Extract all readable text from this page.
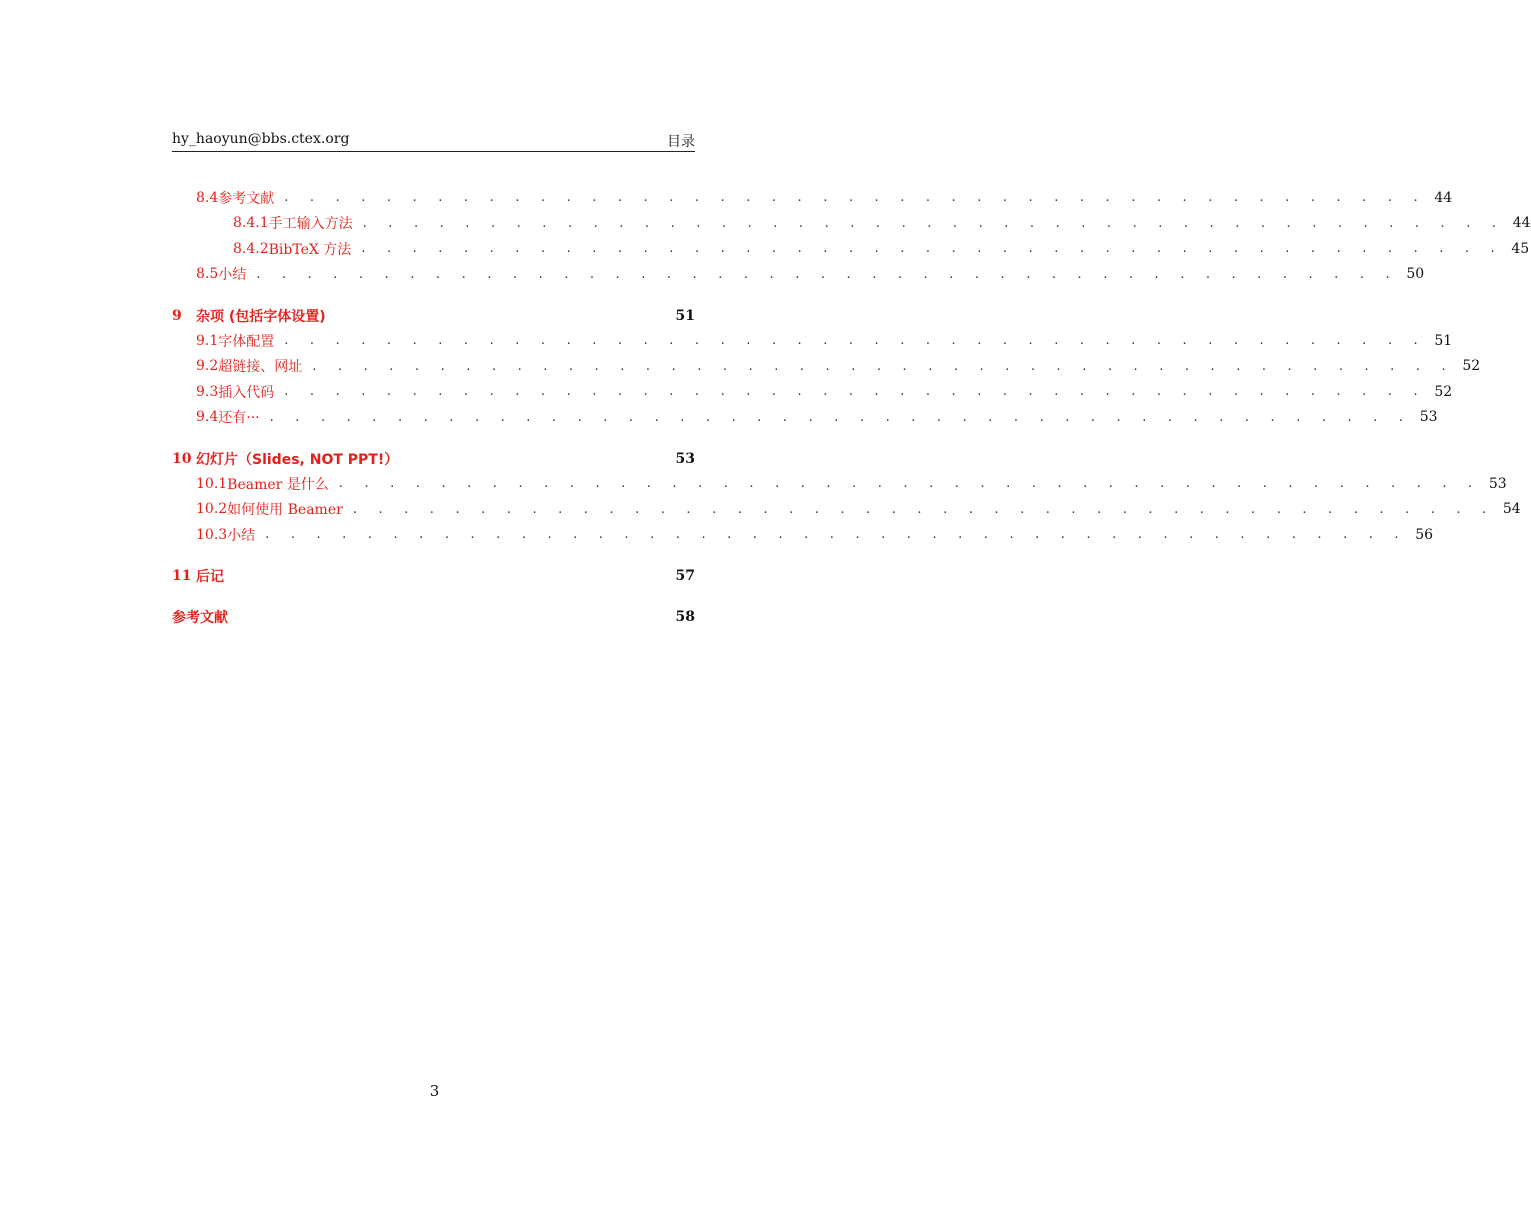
hy_haoyun@bbs.ctex.org	目录
8.4 参考文献 . . . . . . . . . . . . . . . . . . . . . . . . . . . . . . . . . . . . . . . . . . . . . 44
8.4.1 手工输入方法 . . . . . . . . . . . . . . . . . . . . . . . . . . . . . . . . . . . . . . . . . . . . . 44
8.4.2 BibTeX 方法 . . . . . . . . . . . . . . . . . . . . . . . . . . . . . . . . . . . . . . . . . . . . . 45
8.5 小结 . . . . . . . . . . . . . . . . . . . . . . . . . . . . . . . . . . . . . . . . . . . . . 50
9	杂项 (包括字体设置)	51
9.1 字体配置 . . . . . . . . . . . . . . . . . . . . . . . . . . . . . . . . . . . . . . . . . . . . . 51
9.2 超链接、网址 . . . . . . . . . . . . . . . . . . . . . . . . . . . . . . . . . . . . . . . . . . . . . 52
9.3 插入代码 . . . . . . . . . . . . . . . . . . . . . . . . . . . . . . . . . . . . . . . . . . . . . 52
9.4 还有··· . . . . . . . . . . . . . . . . . . . . . . . . . . . . . . . . . . . . . . . . . . . . . 53
10 幻灯片（Slides, NOT PPT!）	53
10.1 Beamer 是什么 . . . . . . . . . . . . . . . . . . . . . . . . . . . . . . . . . . . . . . . . . . . . . 53
10.2 如何使用 Beamer . . . . . . . . . . . . . . . . . . . . . . . . . . . . . . . . . . . . . . . . . . . . . 54
10.3 小结 . . . . . . . . . . . . . . . . . . . . . . . . . . . . . . . . . . . . . . . . . . . . . 56
11 后记	57
参考文献	58
3
